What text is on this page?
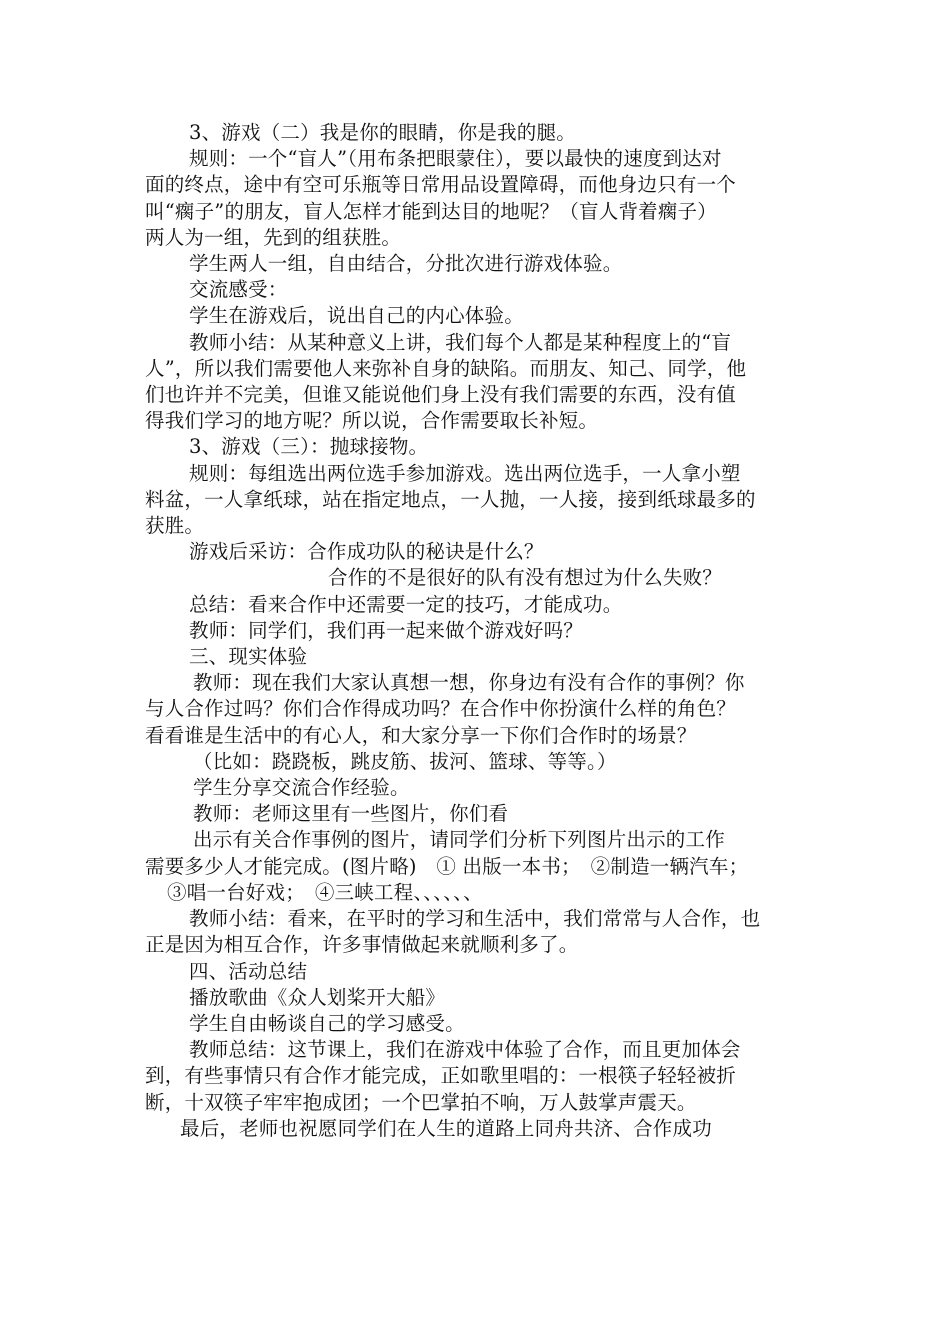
3、游戏（二）我是你的眼睛，你是我的腿。

规则：一个“盲人”（用布条把眼蒙住），要以最快的速度到达对

面的终点，途中有空可乐瓶等日常用品设置障碍，而他身边只有一个

叫“瘸子”的朋友，盲人怎样才能到达目的地呢？（盲人背着瘸子）

两人为一组，先到的组获胜。

学生两人一组，自由结合，分批次进行游戏体验。

交流感受：

学生在游戏后，说出自己的内心体验。

教师小结：从某种意义上讲，我们每个人都是某种程度上的“盲

人”，所以我们需要他人来弥补自身的缺陷。而朋友、知己、同学，他

们也许并不完美，但谁又能说他们身上没有我们需要的东西，没有值

得我们学习的地方呢？所以说，合作需要取长补短。

3、游戏（三）：抛球接物。

规则：每组选出两位选手参加游戏。选出两位选手，一人拿小塑

料盆，一人拿纸球，站在指定地点，一人抛，一人接，接到纸球最多的

获胜。

游戏后采访：合作成功队的秘诀是什么？

合作的不是很好的队有没有想过为什么失败？

总结：看来合作中还需要一定的技巧，才能成功。

教师：同学们，我们再一起来做个游戏好吗？

三、现实体验

教师：现在我们大家认真想一想，你身边有没有合作的事例？你

与人合作过吗？你们合作得成功吗？在合作中你扮演什么样的角色？

看看谁是生活中的有心人，和大家分享一下你们合作时的场景？

（比如：跷跷板，跳皮筋、拔河、篮球、等等。）

学生分享交流合作经验。

教师：老师这里有一些图片，你们看

出示有关合作事例的图片，请同学们分析下列图片出示的工作

需要多少人才能完成。(图片略)　① 出版一本书；　②制造一辆汽车；

③唱一台好戏；　④三峡工程、、、、、、

教师小结：看来，在平时的学习和生活中，我们常常与人合作，也

正是因为相互合作，许多事情做起来就顺利多了。

四、活动总结

播放歌曲《众人划桨开大船》

学生自由畅谈自己的学习感受。

教师总结：这节课上，我们在游戏中体验了合作，而且更加体会

到，有些事情只有合作才能完成，正如歌里唱的：一根筷子轻轻被折

断，十双筷子牢牢抱成团；一个巴掌拍不响，万人鼓掌声震天。

最后，老师也祝愿同学们在人生的道路上同舟共济、合作成功
